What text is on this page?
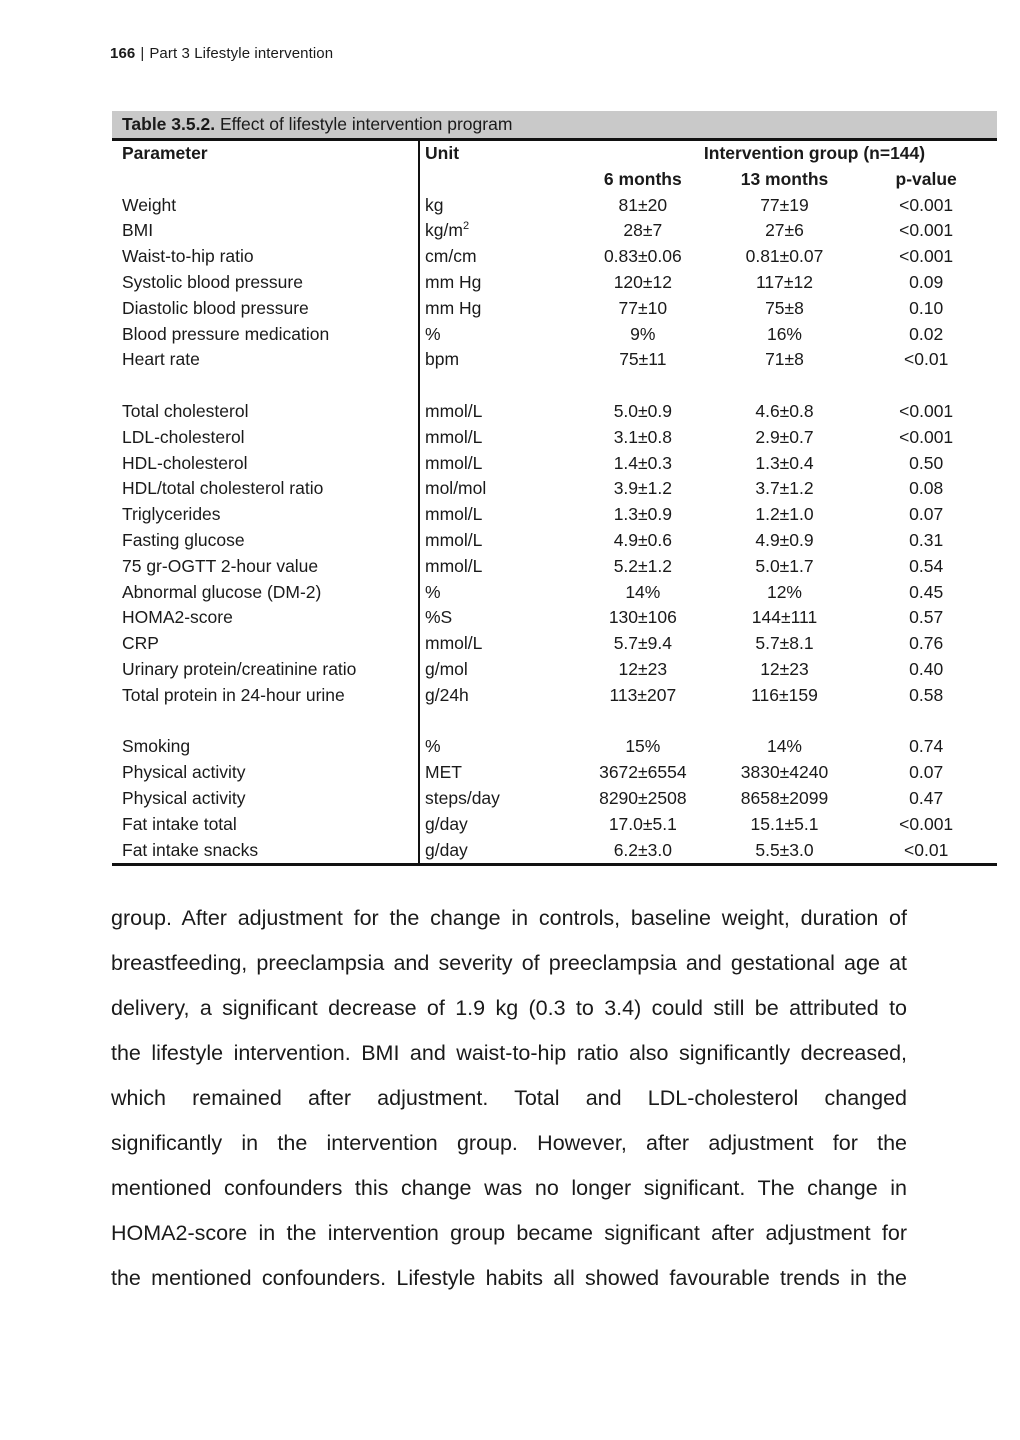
166 | Part 3 Lifestyle intervention
Table 3.5.2. Effect of lifestyle intervention program
Parameter	Unit	Intervention group (n=144)		
		6 months	13 months	p-value
Weight	kg	81±20	77±19	<0.001
BMI	$kg/m^2$	28±7	27±6	<0.001
Waist-to-hip ratio	cm/cm	0.83±0.06	0.81±0.07	<0.001
Systolic blood pressure	mm Hg	120±12	117±12	0.09
Diastolic blood pressure	mm Hg	77±10	75±8	0.10
Blood pressure medication	%	9%	16%	0.02
Heart rate	bpm	75±11	71±8	<0.01

Total cholesterol	mmol/L	5.0±0.9	4.6±0.8	<0.001
LDL-cholesterol	mmol/L	3.1±0.8	2.9±0.7	<0.001
HDL-cholesterol	mmol/L	1.4±0.3	1.3±0.4	0.50
HDL/total cholesterol ratio	mol/mol	3.9±1.2	3.7±1.2	0.08
Triglycerides	mmol/L	1.3±0.9	1.2±1.0	0.07
Fasting glucose	mmol/L	4.9±0.6	4.9±0.9	0.31
75 gr-OGTT 2-hour value	mmol/L	5.2±1.2	5.0±1.7	0.54
Abnormal glucose (DM-2)	%	14%	12%	0.45
HOMA2-score	%S	130±106	144±111	0.57
CRP	mmol/L	5.7±9.4	5.7±8.1	0.76
Urinary protein/creatinine ratio	g/mol	12±23	12±23	0.40
Total protein in 24-hour urine	g/24h	113±207	116±159	0.58

Smoking	%	15%	14%	0.74
Physical activity	MET	3672±6554	3830±4240	0.07
Physical activity	steps/day	8290±2508	8658±2099	0.47
Fat intake total	g/day	17.0±5.1	15.1±5.1	<0.001
Fat intake snacks	g/day	6.2±3.0	5.5±3.0	<0.01
group. After adjustment for the change in controls, baseline weight, duration of
breastfeeding, preeclampsia and severity of preeclampsia and gestational age at
delivery, a significant decrease of 1.9 kg (0.3 to 3.4) could still be attributed to
the lifestyle intervention. BMI and waist-to-hip ratio also significantly decreased,
which remained after adjustment. Total and LDL-cholesterol changed
significantly in the intervention group. However, after adjustment for the
mentioned confounders this change was no longer significant. The change in
HOMA2-score in the intervention group became significant after adjustment for
the mentioned confounders. Lifestyle habits all showed favourable trends in the
